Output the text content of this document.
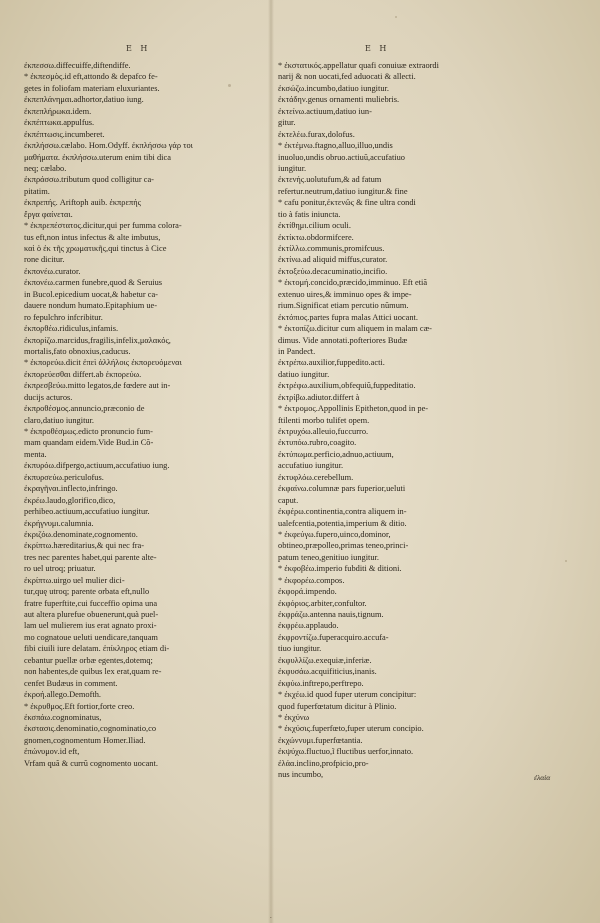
E H	E H
ἐκπεσσω.diffecuiffe,diftendiffe.
* ἐκπεσμὸς.id eft,attondo & depafco fe-
getes in foliofam materiam eluxuriantes.
ἐκπεπλάνημαι.adhortor,datiuo iung.
ἐκπεπλήρωκα.idem.
ἐκπέπτωκα.appulfus.
ἐκπέπτωσις.incumberet.
ἐκπλήσσω.cælabo. Hom.Odyff. ἐκπλήσσω γάρ τοι
μαθήματα. ἐκπλήσσω.uterum enim tibi dica
neq; cælabo.
ἐκπράσσω.tributum quod colligitur ca-
pitatim.
ἐκπρεπής. Ariftoph auib. ἐκπρεπής
ἔργα φαίνεται.
* ἐκπρεπέστατος.dicitur,qui per fumma colora-
tus eft,non intus infectus & alte imbutus,
καὶ ὁ ἐκ τῆς χρωματικῆς,qui tinctus à Cice
rone dicitur.
ἐκπονέω.curator.
ἐκπονέω.carmen funebre,quod & Seruius
in Bucol.epicedium uocat,& habetur ca-
dauere nondum humato.Epitaphium ue-
ro fepulchro infcribitur.
ἐκπορθέω.ridiculus,infamis.
ἐκπορίζω.marcidus,fragilis,infelix,μαλακός,
mortalis,fato obnoxius,caducus.
* ἐκπορεύω.dicit ἐπεὶ ἀλλήλοις ἐκπορευόμεναι
ἐκπορεύεσθαι differt.ab ἐκπορεύω.
ἐκπρεσβεύω.mitto legatos,de fœdere aut in-
ducijs acturos.
ἐκπροθέσμος.annuncio,præconio de
claro,datiuo iungitur.
* ἐκπροθέσμως.edicto pronuncio fum-
mam quandam eidem.Vide Bud.in Cõ-
menta.
ἐκπυρόω.difpergo,actiuum,accufatiuo iung.
ἐκπυρσεύω.periculofus.
ἐκραγῆναι.inflecto,infringo.
ἐκρέω.laudo,glorifico,dico,
perhibeo.actiuum,accufatiuo iungitur.
ἐκρήγνυμι.calumnia.
ἐκριζόω.denominate,cognomento.
ἐκρίπτω.hæreditarius,& qui nec fra-
tres nec parentes habet,qui parente alte-
ro uel utroq; priuatur.
ἐκρίπτω.uirgo uel mulier dici-
tur,quę utroq; parente orbata eft,nullo
fratre fuperftite,cui fucceffio opima una
aut altera plurefue obuenerunt,quà puel-
lam uel mulierem ius erat agnato proxi-
mo cognatoue ueluti uendicare,tanquam
fibi ciuili iure delatam. ἐπίκληρος etiam di-
cebantur puellæ orbæ egentes,dotemq;
non habentes,de quibus lex erat,quam re-
cenfet Budæus in comment.
ἐκροή.allego.Demofth.
* ἐκρυθμος.Eft fortior,forte creo.
ἐκσπάω.cognominatus,
ἐκστασις.denominatio,cognominatio,co
gnomen,cognomentum Homer.Iliad.
ἐπώνυμον.id eft,
Vrfam quã & currũ cognomento uocant.
* ἐκστατικός.appellatur quafi conuiuæ extraordi
narij & non uocati,fed aduocati & allecti.
ἐκσώζω.incumbo,datiuo iungitur.
ἐκτάδην.genus ornamenti muliebris.
ἐκτείνω.actiuum,datiuo iun-
gitur.
ἐκτελέω.furax,dolofus.
* ἐκτέμνω.ftagno,alluo,illuo,undis
inuoluo,undis obruo.actiuũ,accufatiuo
iungitur.
ἐκτενής.uolutufum,& ad fatum
refertur.neutrum,datiuo iungitur.& fine
* cafu ponitur,ἐκτενῶς & fine ultra condi
tio à fatis iniuncta.
ἐκτίθημι.cilium oculi.
ἐκτίκτω.obdormifcere.
ἐκτίλλω.communis,promifcuus.
ἐκτίνω.ad aliquid miffus,curator.
ἐκτοξεύω.decacuminatio,incifio.
* ἐκτομή.concido,præcido,imminuo. Eft etiã
extenuo uires,& imminuo opes & impe-
rium.Significat etiam percutio nũmum.
ἐκτόπιος.partes fupra malas Attici uocant.
* ἐκτοπίζω.dicitur cum aliquem in malam cæ-
dimus. Vide annotati.pofteriores Budæ
in Pandeƈt.
ἐκτρέπω.auxilior,fuppedito.acti.
datiuo iungitur.
ἐκτρέφω.auxilium,obfequiũ,fuppeditatio.
ἐκτρίβω.adiutor.differt à
* ἐκτρομος.Appollinis Epitheton,quod in pe-
ftilenti morbo tulifet opem.
ἐκτρυχόω.alleuio,fuccurro.
ἐκτυπόω.rubro,coagito.
ἐκτύπωμα.perficio,adnuo,actiuum,
accufatiuo iungitur.
ἐκτυφλόω.cerebellum.
ἐκφαίνω.columnæ pars fuperior,ueluti
caput.
ἐκφέρω.continentia,contra aliquem in-
ualefcentia,potentia,imperium & ditio.
* ἐκφεύγω.fupero,uinco,dominor,
obtineo,præpolleo,primas teneo,princi-
patum teneo,genitiuo iungitur.
* ἐκφοβέω.imperio fubditi & ditioni.
* ἐκφορέω.compos.
ἐκφορά.impendo.
ἐκφόριος.arbiter,confultor.
ἐκφράζω.antenna nauis,tignum.
ἐκφρέω.applaudo.
ἐκφροντίζω.fuperacquiro.accufa-
tiuo iungitur.
ἐκφυλλίζω.exequiæ,inferiæ.
ἐκφυσάω.acquifiticius,inanis.
ἐκφύω.inftrepo,perftrepo.
* ἐκχέω.id quod fuper uterum concipitur:
quod fuperfœtatum dicitur à Plinio.
* ἐκχύνω
* ἐκχύσις.fuperfœto,fuper uterum concipio.
ἐκχώννυμι.fuperfœtantia.
ἐκψύχω.fluctuo,ĩ fluctibus uerfor,innato.
ἐλάα.inclino,profpicio,pro-
nus incumbo,	ἐλαία
.
